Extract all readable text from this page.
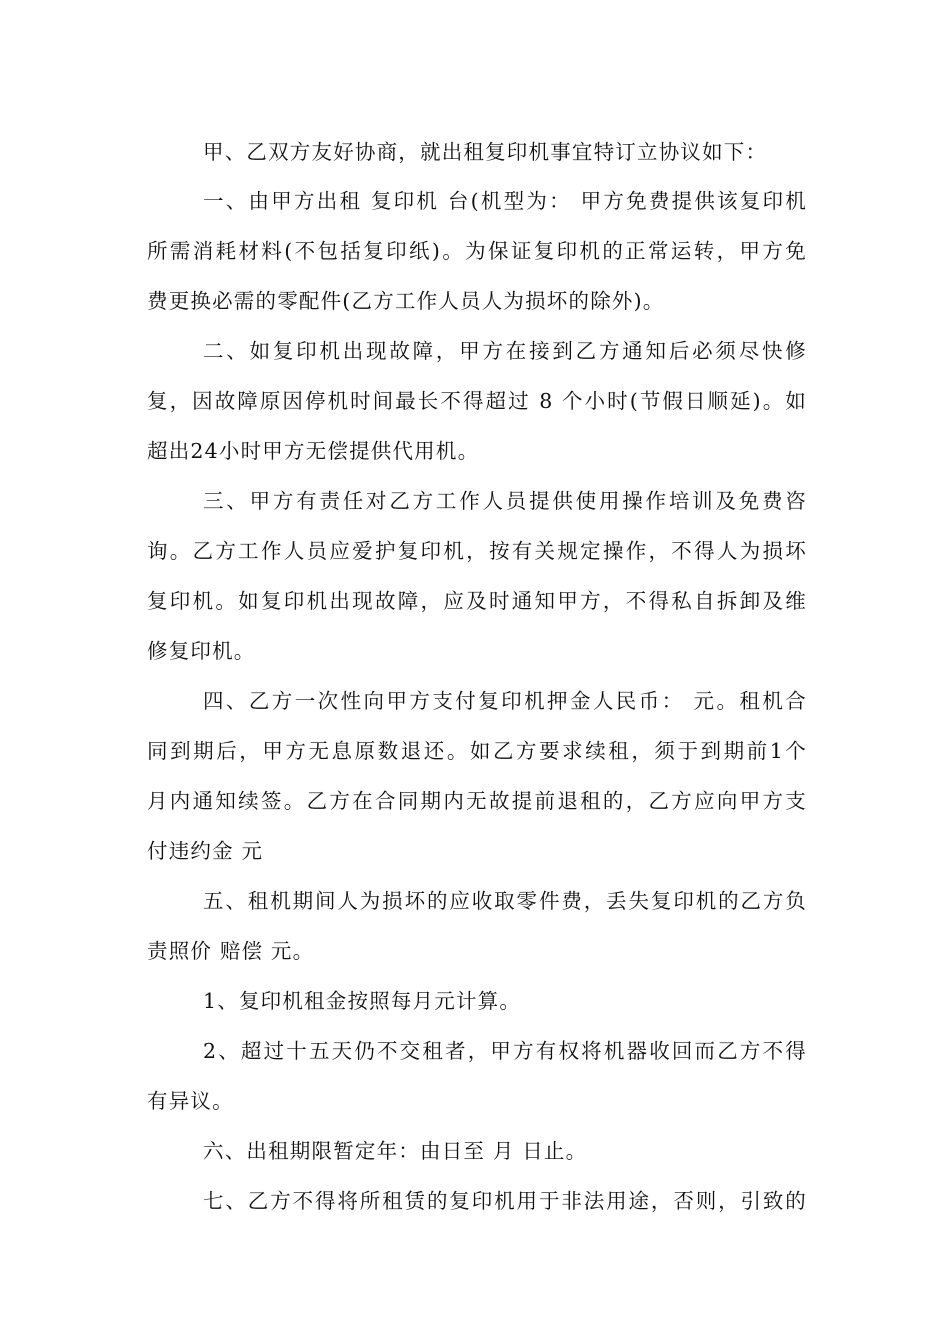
甲、乙双方友好协商，就出租复印机事宜特订立协议如下：
一、由甲方出租 复印机 台(机型为： 甲方免费提供该复印机
所需消耗材料(不包括复印纸)。为保证复印机的正常运转，甲方免
费更换必需的零配件(乙方工作人员人为损坏的除外)。
二、如复印机出现故障，甲方在接到乙方通知后必须尽快修
复，因故障原因停机时间最长不得超过 8 个小时(节假日顺延)。如
超出24小时甲方无偿提供代用机。
三、甲方有责任对乙方工作人员提供使用操作培训及免费咨
询。乙方工作人员应爱护复印机，按有关规定操作，不得人为损坏
复印机。如复印机出现故障，应及时通知甲方，不得私自拆卸及维
修复印机。
四、乙方一次性向甲方支付复印机押金人民币： 元。租机合
同到期后，甲方无息原数退还。如乙方要求续租，须于到期前1个
月内通知续签。乙方在合同期内无故提前退租的，乙方应向甲方支
付违约金 元
五、租机期间人为损坏的应收取零件费，丢失复印机的乙方负
责照价 赔偿 元。
1、复印机租金按照每月元计算。
2、超过十五天仍不交租者，甲方有权将机器收回而乙方不得
有异议。
六、出租期限暂定年：由日至 月 日止。
七、乙方不得将所租赁的复印机用于非法用途，否则，引致的
